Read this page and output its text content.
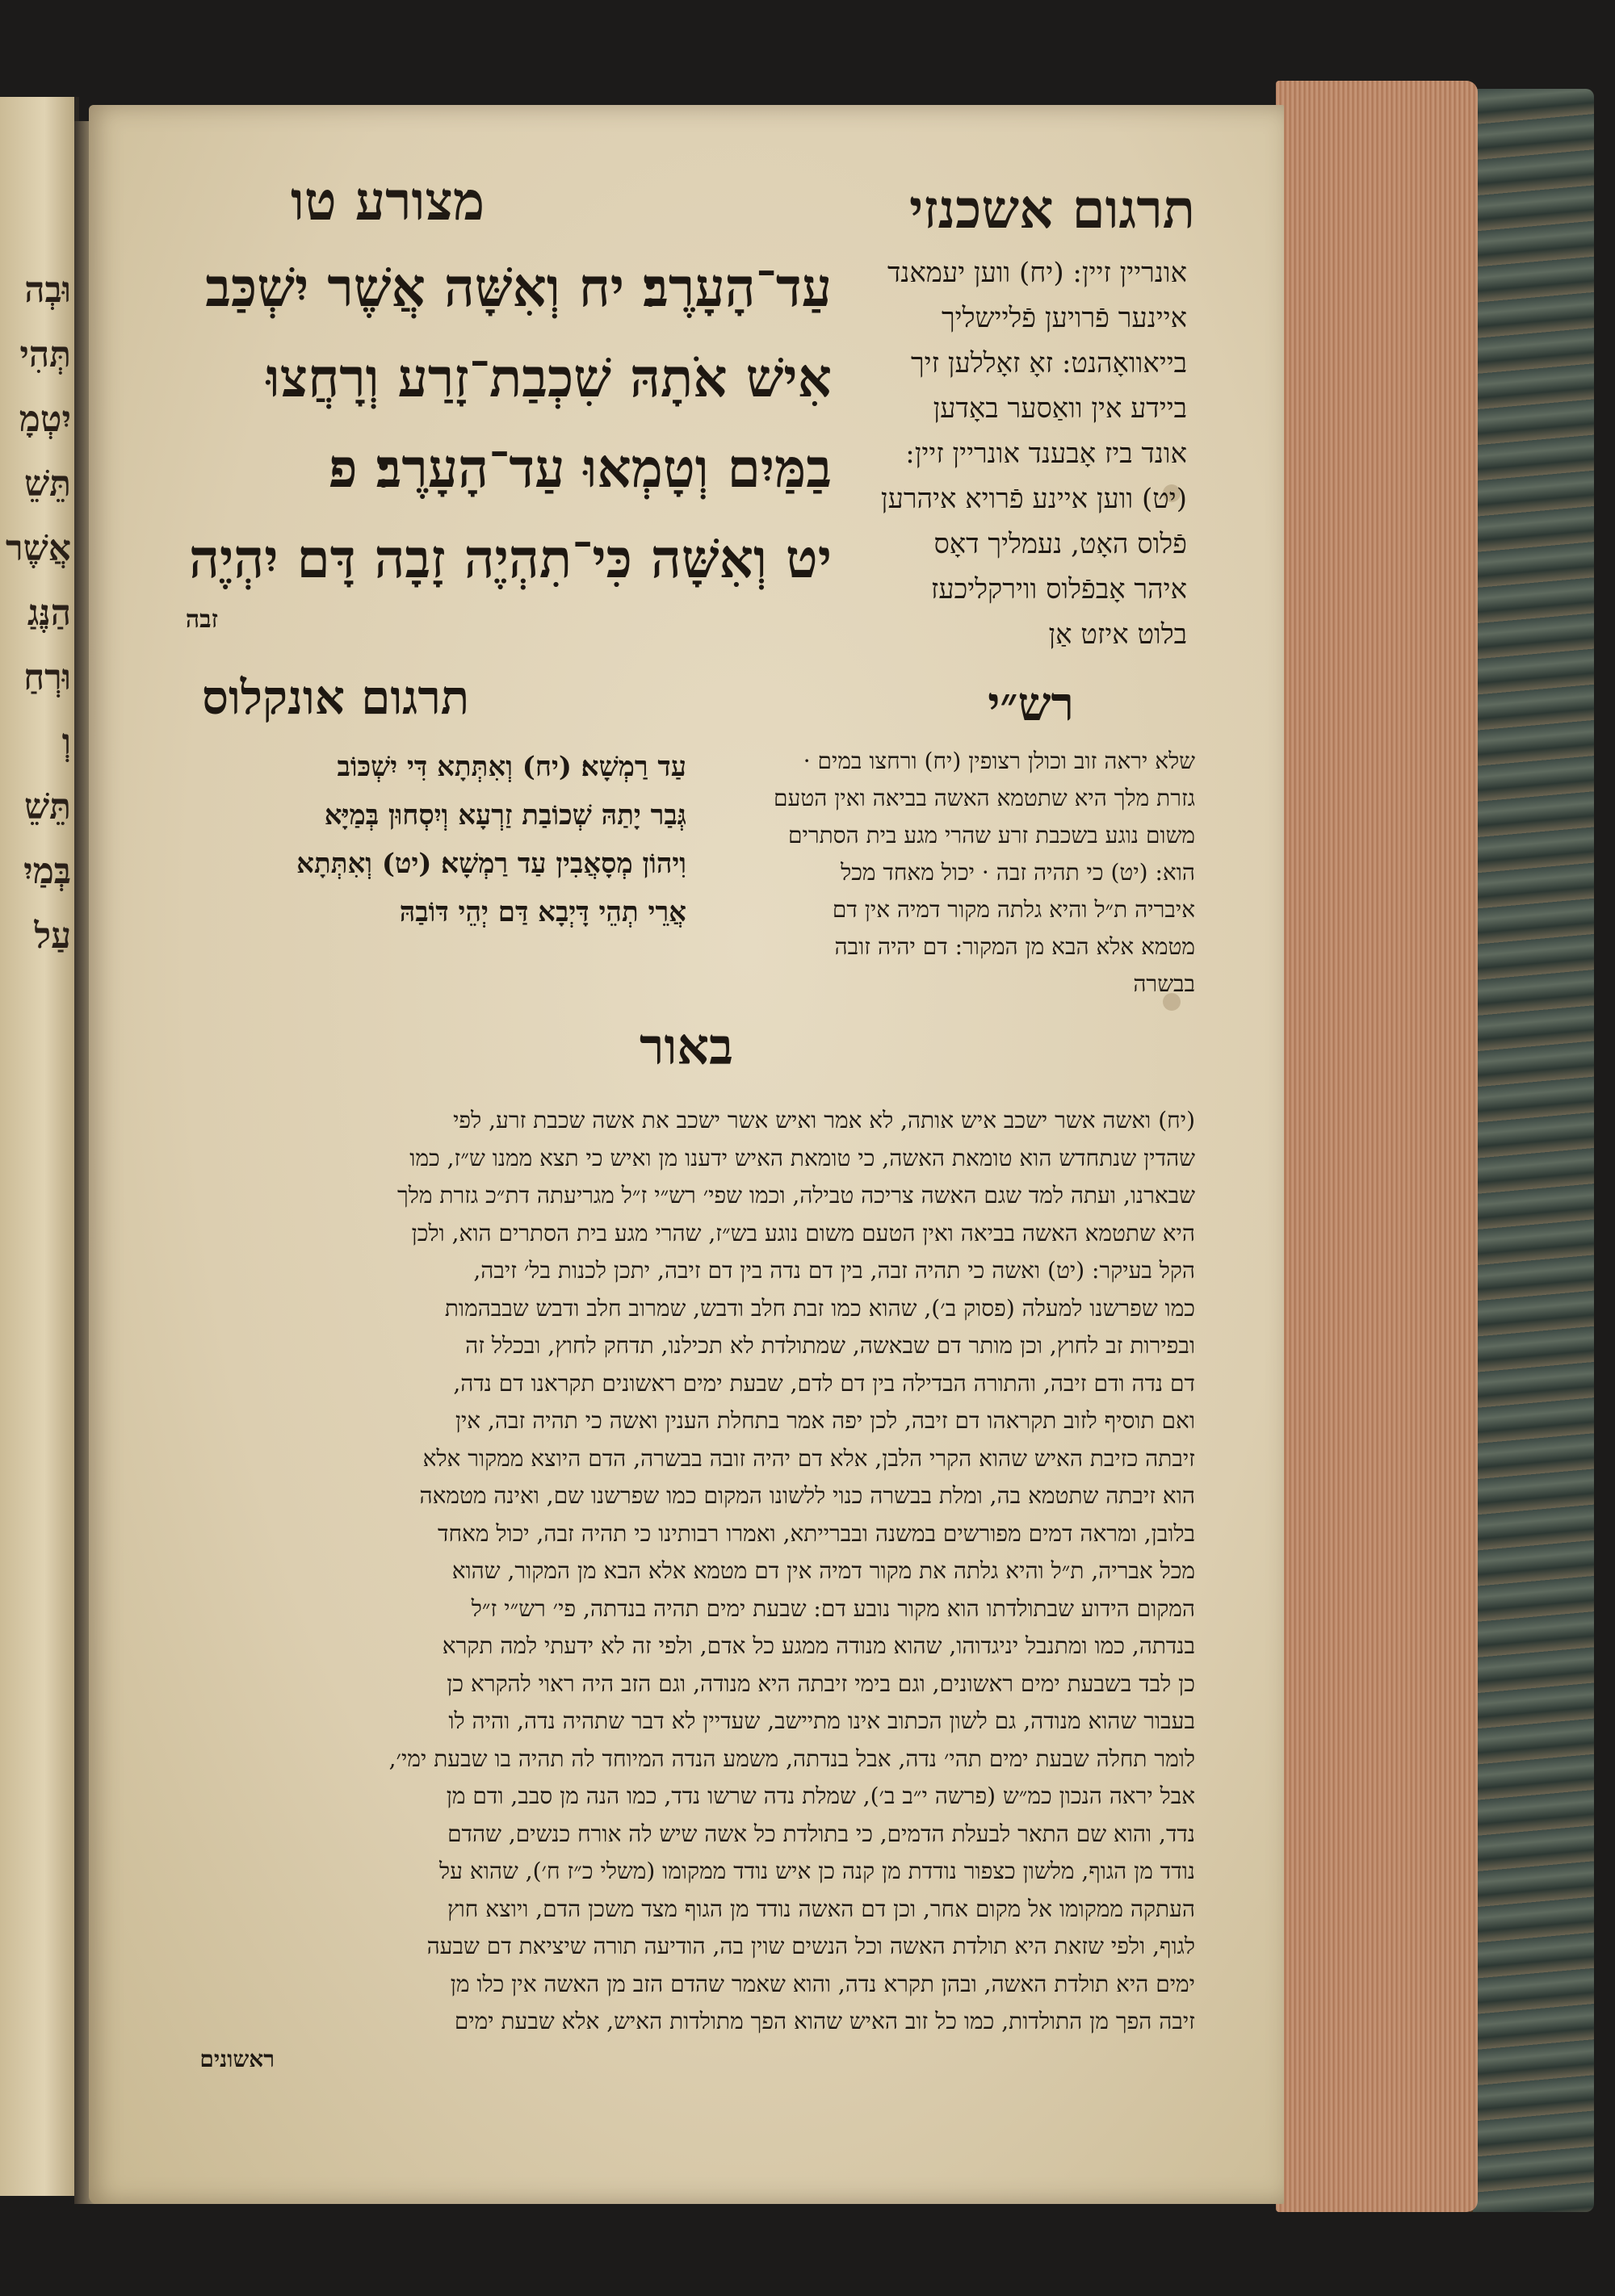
וּבְה
תְּהִי
יִטְמָ
תֵּשֵׁ
אֲשֶׁר
הַנֶּגַ
וּרְחַ
וְ
תֵּשֵׁ
בְּמַיִ
עַל
תרגום אשכנזי
מצורע טו
אונריין זיין: (יח) ווען יעמאנד
איינער פֿרויען פֿליישליך
בייאוואָהנט: זאָ זאָללען זיך
ביידע אין וואַסער באָדען
אונד ביז אָבענד אונריין זיין:
(יט) ווען איינע פֿרויא איהרען
פֿלוס האָט, נעמליך דאָס
איהר אָבפֿלוס ווירקליכעז
בלוט איזט אַן
עַד־הָעָרֶב׃ יח וְאִשָּׁה אֲשֶׁר יִשְׁכַּב
אִישׁ אֹתָהּ שִׁכְבַת־זָרַע וְרָחֲצוּ
בַמַּיִם וְטָמְאוּ עַד־הָעָרֶב׃ פ
יט וְאִשָּׁה כִּי־תִהְיֶה זָבָה דָּם יִהְיֶה
זבה
רש״י
תרגום אונקלוס
שלא יראה זוב וכולן רצופין (יח) ורחצו במים ·
גזרת מלך היא שתטמא האשה בביאה ואין הטעם
משום נוגע בשכבת זרע שהרי מגע בית הסתרים
הוא: (יט) כי תהיה זבה · יכול מאחד מכל
איבריה ת״ל והיא גלתה מקור דמיה אין דם
מטמא אלא הבא מן המקור: דם יהיה זובה
בבשרה
עַד רַמְשָׁא׃ (יח) וְאִתְּתָא דִּי יִשְׁכּוֹב
גְּבַר יָתַהּ שְׁכוֹבַת זַרְעָא וְיִסְחוּן בְּמַיָּא
וִיהוֹן מְסָאֲבִין עַד רַמְשָׁא׃ (יט) וְאִתְּתָא
אֲרֵי תְהֵי דָּיְבָא דַּם יְהֵי דּוֹבַהּ
באור
(יח) ואשה אשר ישכב איש אותה, לא אמר ואיש אשר ישכב את אשה שכבת זרע, לפי
שהדין שנתחדש הוא טומאת האשה, כי טומאת האיש ידענו מן ואיש כי תצא ממנו ש״ז, כמו
שבארנו, ועתה למד שגם האשה צריכה טבילה, וכמו שפי׳ רש״י ז״ל מגריעתה דת״כ גזרת מלך
היא שתטמא האשה בביאה ואין הטעם משום נוגע בש״ז, שהרי מגע בית הסתרים הוא, ולכן
הקל בעיקר: (יט) ואשה כי תהיה זבה, בין דם נדה בין דם זיבה, יתכן לכנות בל׳ זיבה,
כמו שפרשנו למעלה (פסוק ב׳), שהוא כמו זבת חלב ודבש, שמרוב חלב ודבש שבבהמות
ובפירות זב לחוץ, וכן מותר דם שבאשה, שמתולדת לא תכילנו, תדחק לחוץ, ובכלל זה
דם נדה ודם זיבה, והתורה הבדילה בין דם לדם, שבעת ימים ראשונים תקראנו דם נדה,
ואם תוסיף לזוב תקראהו דם זיבה, לכן יפה אמר בתחלת הענין ואשה כי תהיה זבה, אין
זיבתה כזיבת האיש שהוא הקרי הלבן, אלא דם יהיה זובה בבשרה, הדם היוצא ממקור אלא
הוא זיבתה שתטמא בה, ומלת בבשרה כנוי ללשונו המקום כמו שפרשנו שם, ואינה מטמאה
בלובן, ומראה דמים מפורשים במשנה ובברייתא, ואמרו רבותינו כי תהיה זבה, יכול מאחד
מכל אבריה, ת״ל והיא גלתה את מקור דמיה אין דם מטמא אלא הבא מן המקור, שהוא
המקום הידוע שבתולדתו הוא מקור נובע דם: שבעת ימים תהיה בנדתה, פי׳ רש״י ז״ל
בנדתה, כמו ומתנבל יניגדוהו, שהוא מנודה ממגע כל אדם, ולפי זה לא ידעתי למה תקרא
כן לבד בשבעת ימים ראשונים, וגם בימי זיבתה היא מנודה, וגם הזב היה ראוי להקרא כן
בעבור שהוא מנודה, גם לשון הכתוב אינו מתיישב, שעדיין לא דבר שתהיה נדה, והיה לו
לומר תחלה שבעת ימים תהי׳ נדה, אבל בנדתה, משמע הנדה המיוחד לה תהיה בו שבעת ימי׳,
אבל יראה הנכון כמ״ש (פרשה י״ב ב׳), שמלת נדה שרשו נדד, כמו הנה מן סבב, ודם מן
נדד, והוא שם התאר לבעלת הדמים, כי בתולדת כל אשה שיש לה אורח כנשים, שהדם
נודד מן הגוף, מלשון כצפור נודדת מן קנה כן איש נודד ממקומו (משלי כ״ז ח׳), שהוא על
העתקה ממקומו אל מקום אחר, וכן דם האשה נודד מן הגוף מצד משכן הדם, ויוצא חוץ
לגוף, ולפי שזאת היא תולדת האשה וכל הנשים שוין בה, הודיעה תורה שיציאת דם שבעה
ימים היא תולדת האשה, ובהן תקרא נדה, והוא שאמר שהדם הזב מן האשה אין כלו מן
זיבה הפך מן התולדות, כמו כל זוב האיש שהוא הפך מתולדות האיש, אלא שבעת ימים
ראשונים
